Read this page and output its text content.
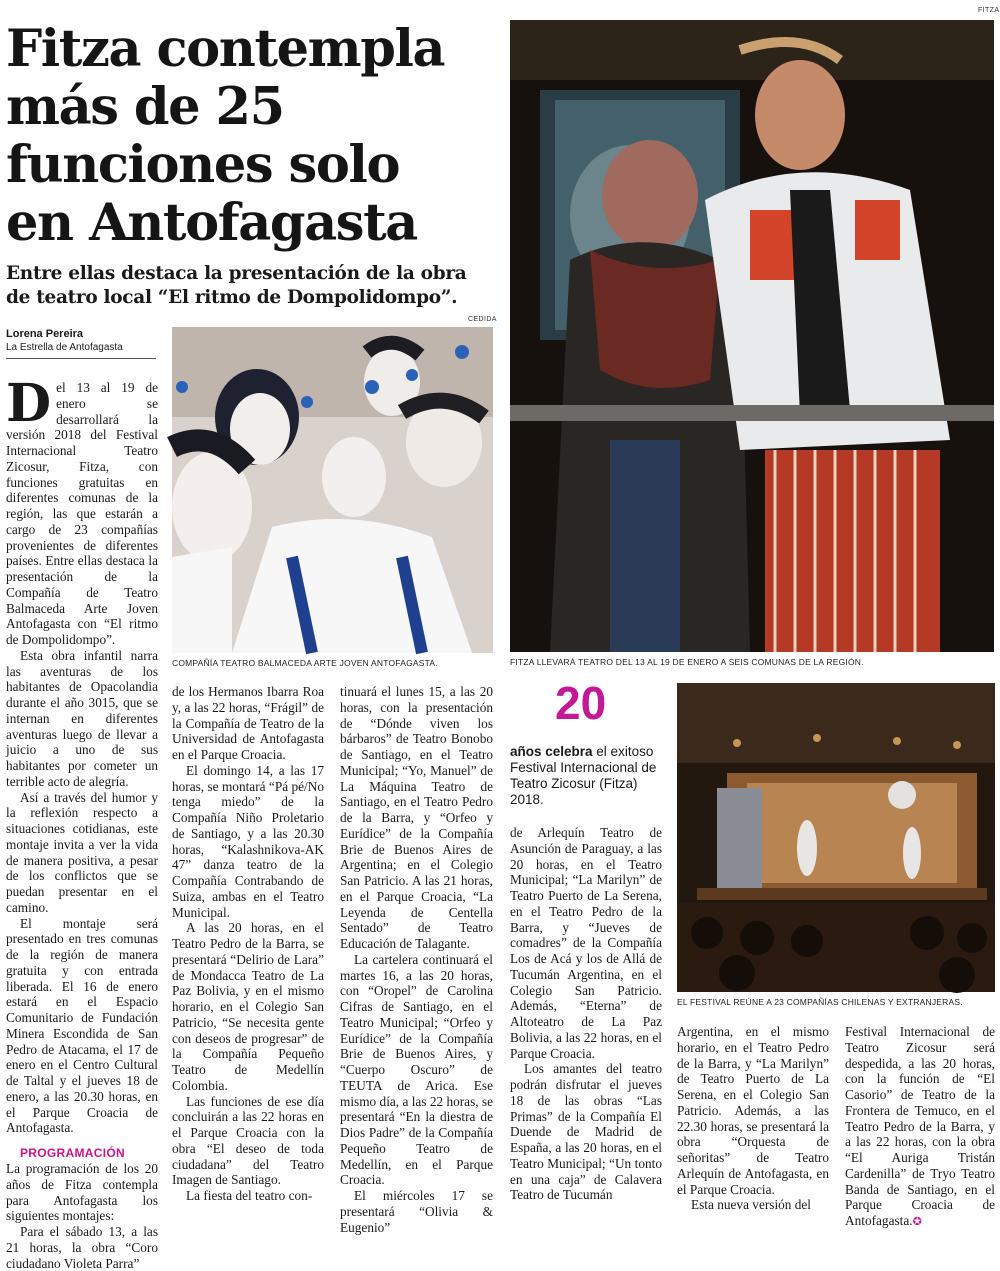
Fitza contempla
más de 25
funciones solo
en Antofagasta
Entre ellas destaca la presentación de la obra de teatro local “El ritmo de Dompolidompo”.
Lorena Pereira
La Estrella de Antofagasta
FITZA
FITZA LLEVARÁ TEATRO DEL 13 AL 19 DE ENERO A SEIS COMUNAS DE LA REGIÓN.
CEDIDA
COMPAÑÍA TEATRO BALMACEDA ARTE JOVEN ANTOFAGASTA.
EL FESTIVAL REÚNE A 23 COMPAÑÍAS CHILENAS Y EXTRANJERAS.
20
años celebra el exitoso Festival Internacional de Teatro Zicosur (Fitza) 2018.

Del 13 al 19 de enero se desarrollará la versión 2018 del Festival Internacional Teatro Zicosur, Fitza, con funciones gratuitas en diferentes comunas de la región, las que estarán a cargo de 23 compañías provenientes de diferentes países. Entre ellas destaca la presentación de la Compañía de Teatro Balmaceda Arte Joven Antofagasta con “El ritmo de Dompolidompo”.

Esta obra infantil narra las aventuras de los habitantes de Opacolandia durante el año 3015, que se internan en diferentes aventuras luego de llevar a juicio a uno de sus habitantes por cometer un terrible acto de alegría.

Así a través del humor y la reflexión respecto a situaciones cotidianas, este montaje invita a ver la vida de manera positiva, a pesar de los conflictos que se puedan presentar en el camino.

El montaje será presentado en tres comunas de la región de manera gratuita y con entrada liberada. El 16 de enero estará en el Espacio Comunitario de Fundación Minera Escondida de San Pedro de Atacama, el 17 de enero en el Centro Cultural de Taltal y el jueves 18 de enero, a las 20.30 horas, en el Parque Croacia de Antofagasta.

PROGRAMACIÓN

La programación de los 20 años de Fitza contempla para Antofagasta los siguientes montajes:

Para el sábado 13, a las 21 horas, la obra “Coro ciudadano Violeta Parra”

de los Hermanos Ibarra Roa y, a las 22 horas, “Frágil” de la Compañía de Teatro de la Universidad de Antofagasta en el Parque Croacia.

El domingo 14, a las 17 horas, se montará “Pá pé/No tenga miedo” de la Compañía Niño Proletario de Santiago, y a las 20.30 horas, “Kalashnikova-AK 47” danza teatro de la Compañía Contrabando de Suiza, ambas en el Teatro Municipal.

A las 20 horas, en el Teatro Pedro de la Barra, se presentará “Delirio de Lara” de Mondacca Teatro de La Paz Bolivia, y en el mismo horario, en el Colegio San Patricio, “Se necesita gente con deseos de progresar” de la Compañía Pequeño Teatro de Medellín Colombia.

Las funciones de ese día concluirán a las 22 horas en el Parque Croacia con la obra “El deseo de toda ciudadana” del Teatro Imagen de Santiago.

La fiesta del teatro con-

tinuará el lunes 15, a las 20 horas, con la presentación de “Dónde viven los bárbaros” de Teatro Bonobo de Santiago, en el Teatro Municipal; “Yo, Manuel” de La Máquina Teatro de Santiago, en el Teatro Pedro de la Barra, y “Orfeo y Eurídice” de la Compañía Brie de Buenos Aires de Argentina; en el Colegio San Patricio. A las 21 horas, en el Parque Croacia, “La Leyenda de Centella Sentado” de Teatro Educación de Talagante.

La cartelera continuará el martes 16, a las 20 horas, con “Oropel” de Carolina Cifras de Santiago, en el Teatro Municipal; “Orfeo y Eurídice” de la Compañía Brie de Buenos Aires, y “Cuerpo Oscuro” de TEUTA de Arica. Ese mismo día, a las 22 horas, se presentará “En la diestra de Dios Padre” de la Compañía Pequeño Teatro de Medellín, en el Parque Croacia.

El miércoles 17 se presentará “Olivia & Eugenio”

de Arlequín Teatro de Asunción de Paraguay, a las 20 horas, en el Teatro Municipal; “La Marilyn” de Teatro Puerto de La Serena, en el Teatro Pedro de la Barra, y “Jueves de comadres” de la Compañía Los de Acá y los de Allá de Tucumán Argentina, en el Colegio San Patricio. Además, “Eterna” de Altoteatro de La Paz Bolivia, a las 22 horas, en el Parque Croacia.

Los amantes del teatro podrán disfrutar el jueves 18 de las obras “Las Primas” de la Compañía El Duende de Madrid de España, a las 20 horas, en el Teatro Municipal; “Un tonto en una caja” de Calavera Teatro de Tucumán

Argentina, en el mismo horario, en el Teatro Pedro de la Barra, y “La Marilyn” de Teatro Puerto de La Serena, en el Colegio San Patricio. Además, a las 22.30 horas, se presentará la obra “Orquesta de señoritas” de Teatro Arlequín de Antofagasta, en el Parque Croacia.

Esta nueva versión del

Festival Internacional de Teatro Zicosur será despedida, a las 20 horas, con la función de “El Casorio” de Teatro de la Frontera de Temuco, en el Teatro Pedro de la Barra, y a las 22 horas, con la obra “El Auriga Tristán Cardenilla” de Tryo Teatro Banda de Santiago, en el Parque Croacia de Antofagasta.✪
